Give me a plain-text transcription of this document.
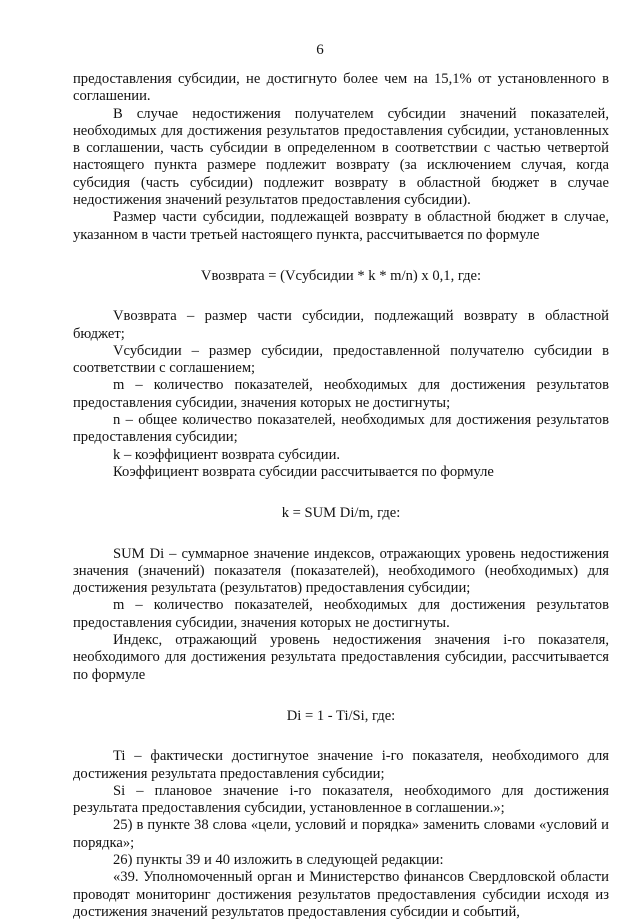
6

предоставления субсидии, не достигнуто более чем на 15,1% от установленного в соглашении.

В случае недостижения получателем субсидии значений показателей, необходимых для достижения результатов предоставления субсидии, установленных в соглашении, часть субсидии в определенном в соответствии с частью четвертой настоящего пункта размере подлежит возврату (за исключением случая, когда субсидия (часть субсидии) подлежит возврату в областной бюджет в случае недостижения значений результатов предоставления субсидии).

Размер части субсидии, подлежащей возврату в областной бюджет в случае, указанном в части третьей настоящего пункта, рассчитывается по формуле

Vвозврата = (Vсубсидии * k * m/n) x 0,1, где:

Vвозврата – размер части субсидии, подлежащий возврату в областной бюджет;

Vсубсидии – размер субсидии, предоставленной получателю субсидии в соответствии с соглашением;

m – количество показателей, необходимых для достижения результатов предоставления субсидии, значения которых не достигнуты;

n – общее количество показателей, необходимых для достижения результатов предоставления субсидии;

k – коэффициент возврата субсидии.

Коэффициент возврата субсидии рассчитывается по формуле

k = SUM Di/m, где:

SUM Di – суммарное значение индексов, отражающих уровень недостижения значения (значений) показателя (показателей), необходимого (необходимых) для достижения результата (результатов) предоставления субсидии;

m – количество показателей, необходимых для достижения результатов предоставления субсидии, значения которых не достигнуты.

Индекс, отражающий уровень недостижения значения i-го показателя, необходимого для достижения результата предоставления субсидии, рассчитывается по формуле

Di = 1 - Ti/Si, где:

Ti – фактически достигнутое значение i-го показателя, необходимого для достижения результата предоставления субсидии;

Si – плановое значение i-го показателя, необходимого для достижения результата предоставления субсидии, установленное в соглашении.»;

25) в пункте 38 слова «цели, условий и порядка» заменить словами «условий и порядка»;

26) пункты 39 и 40 изложить в следующей редакции:

«39. Уполномоченный орган и Министерство финансов Свердловской области проводят мониторинг достижения результатов предоставления субсидии исходя из достижения значений результатов предоставления субсидии и событий,
